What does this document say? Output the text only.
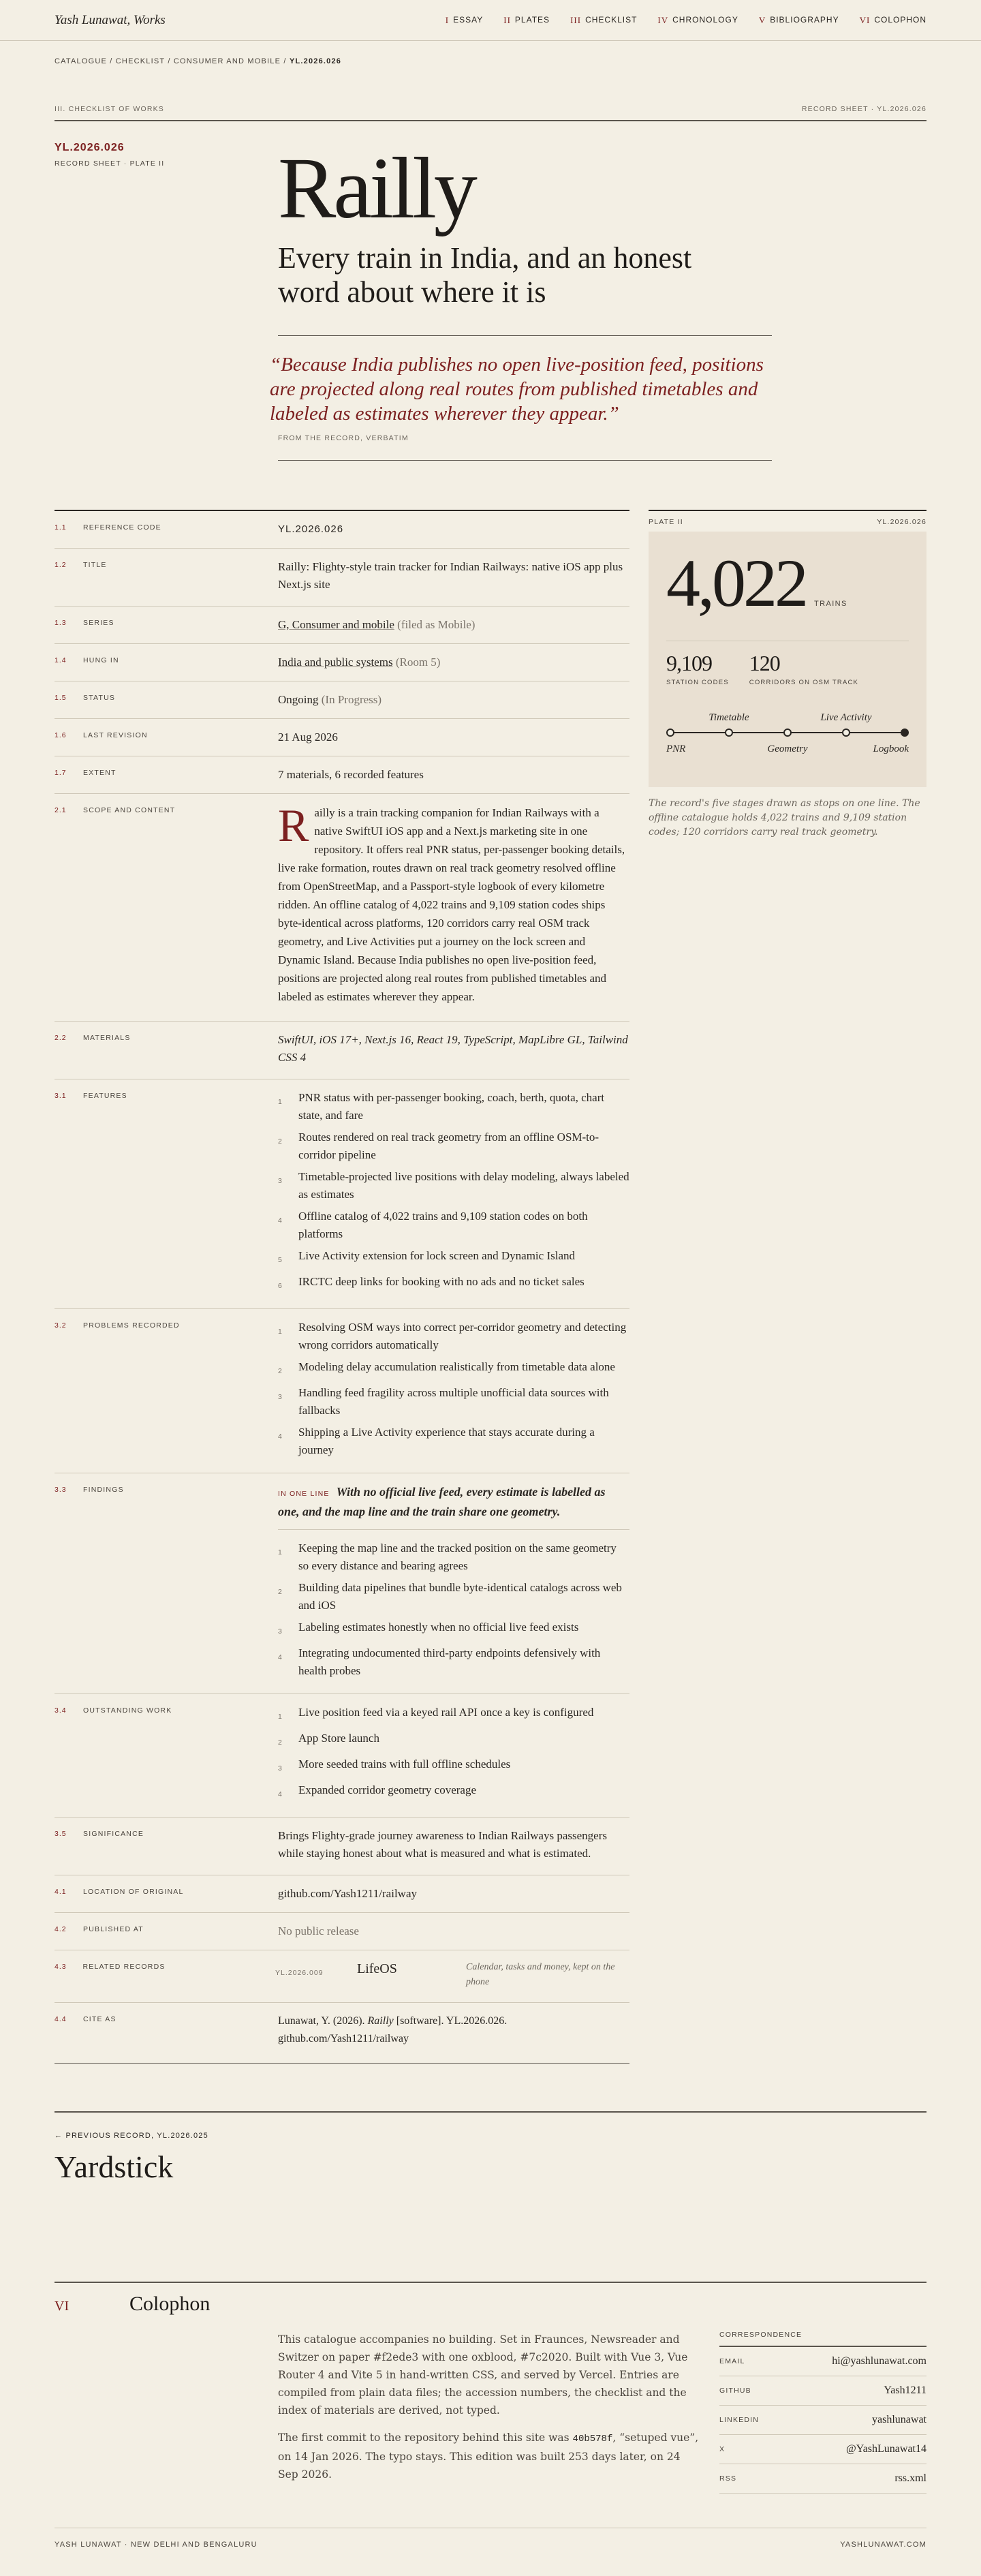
Yash Lunawat, Works	I ESSAY II PLATES III CHECKLIST IV CHRONOLOGY V BIBLIOGRAPHY VI COLOPHON
CATALOGUE / CHECKLIST / CONSUMER AND MOBILE / YL.2026.026
III. CHECKLIST OF WORKS	RECORD SHEET · YL.2026.026
YL.2026.026
RECORD SHEET · PLATE II	Railly
Every train in India, and an honest word about where it is
“Because India publishes no open live-position feed, positions are projected along real routes from published timetables and labeled as estimates wherever they appear.”
FROM THE RECORD, VERBATIM
1.1	REFERENCE CODE	YL.2026.026
1.2	TITLE	Railly: Flighty-style train tracker for Indian Railways: native iOS app plus Next.js site
1.3	SERIES	G, Consumer and mobile (filed as Mobile)
1.4	HUNG IN	India and public systems (Room 5)
1.5	STATUS	Ongoing (In Progress)
1.6	LAST REVISION	21 Aug 2026
1.7	EXTENT	7 materials, 6 recorded features
2.1	SCOPE AND CONTENT	Railly is a train tracking companion for Indian Railways with a native SwiftUI iOS app and a Next.js marketing site in one repository. It offers real PNR status, per-passenger booking details, live rake formation, routes drawn on real track geometry resolved offline from OpenStreetMap, and a Passport-style logbook of every kilometre ridden. An offline catalog of 4,022 trains and 9,109 station codes ships byte-identical across platforms, 120 corridors carry real OSM track geometry, and Live Activities put a journey on the lock screen and Dynamic Island. Because India publishes no open live-position feed, positions are projected along real routes from published timetables and labeled as estimates wherever they appear.
2.2	MATERIALS	SwiftUI, iOS 17+, Next.js 16, React 19, TypeScript, MapLibre GL, Tailwind CSS 4
3.1	FEATURES
1	PNR status with per-passenger booking, coach, berth, quota, chart state, and fare
2	Routes rendered on real track geometry from an offline OSM-to-corridor pipeline
3	Timetable-projected live positions with delay modeling, always labeled as estimates
4	Offline catalog of 4,022 trains and 9,109 station codes on both platforms
5	Live Activity extension for lock screen and Dynamic Island
6	IRCTC deep links for booking with no ads and no ticket sales
3.2	PROBLEMS RECORDED
1	Resolving OSM ways into correct per-corridor geometry and detecting wrong corridors automatically
2	Modeling delay accumulation realistically from timetable data alone
3	Handling feed fragility across multiple unofficial data sources with fallbacks
4	Shipping a Live Activity experience that stays accurate during a journey
3.3	FINDINGS	IN ONE LINE With no official live feed, every estimate is labelled as one, and the map line and the train share one geometry.
1	Keeping the map line and the tracked position on the same geometry so every distance and bearing agrees
2	Building data pipelines that bundle byte-identical catalogs across web and iOS
3	Labeling estimates honestly when no official live feed exists
4	Integrating undocumented third-party endpoints defensively with health probes
3.4	OUTSTANDING WORK
1	Live position feed via a keyed rail API once a key is configured
2	App Store launch
3	More seeded trains with full offline schedules
4	Expanded corridor geometry coverage
3.5	SIGNIFICANCE	Brings Flighty-grade journey awareness to Indian Railways passengers while staying honest about what is measured and what is estimated.
4.1	LOCATION OF ORIGINAL	github.com/Yash1211/railway
4.2	PUBLISHED AT	No public release
4.3	RELATED RECORDS
YL.2026.009	LifeOS	Calendar, tasks and money, kept on the phone
4.4	CITE AS	Lunawat, Y. (2026). Railly [software]. YL.2026.026. github.com/Yash1211/railway
PLATE II	YL.2026.026
4,022 TRAINS
9,109
STATION CODES
120
CORRIDORS ON OSM TRACK
Timetable	Live Activity
PNR	Geometry	Logbook
The record's five stages drawn as stops on one line. The offline catalogue holds 4,022 trains and 9,109 station codes; 120 corridors carry real track geometry.
← PREVIOUS RECORD, YL.2026.025
Yardstick
VI	Colophon

This catalogue accompanies no building. Set in Fraunces, Newsreader and Switzer on paper #f2ede3 with one oxblood, #7c2020. Built with Vue 3, Vue Router 4 and Vite 5 in hand-written CSS, and served by Vercel. Entries are compiled from plain data files; the accession numbers, the checklist and the index of materials are derived, not typed.

The first commit to the repository behind this site was 40b578f, “setuped vue”, on 14 Jan 2026. The typo stays. This edition was built 253 days later, on 24 Sep 2026.

CORRESPONDENCE
EMAIL	hi@yashlunawat.com
GITHUB	Yash1211
LINKEDIN	yashlunawat
X	@YashLunawat14
RSS	rss.xml
YASH LUNAWAT · NEW DELHI AND BENGALURU	YASHLUNAWAT.COM
